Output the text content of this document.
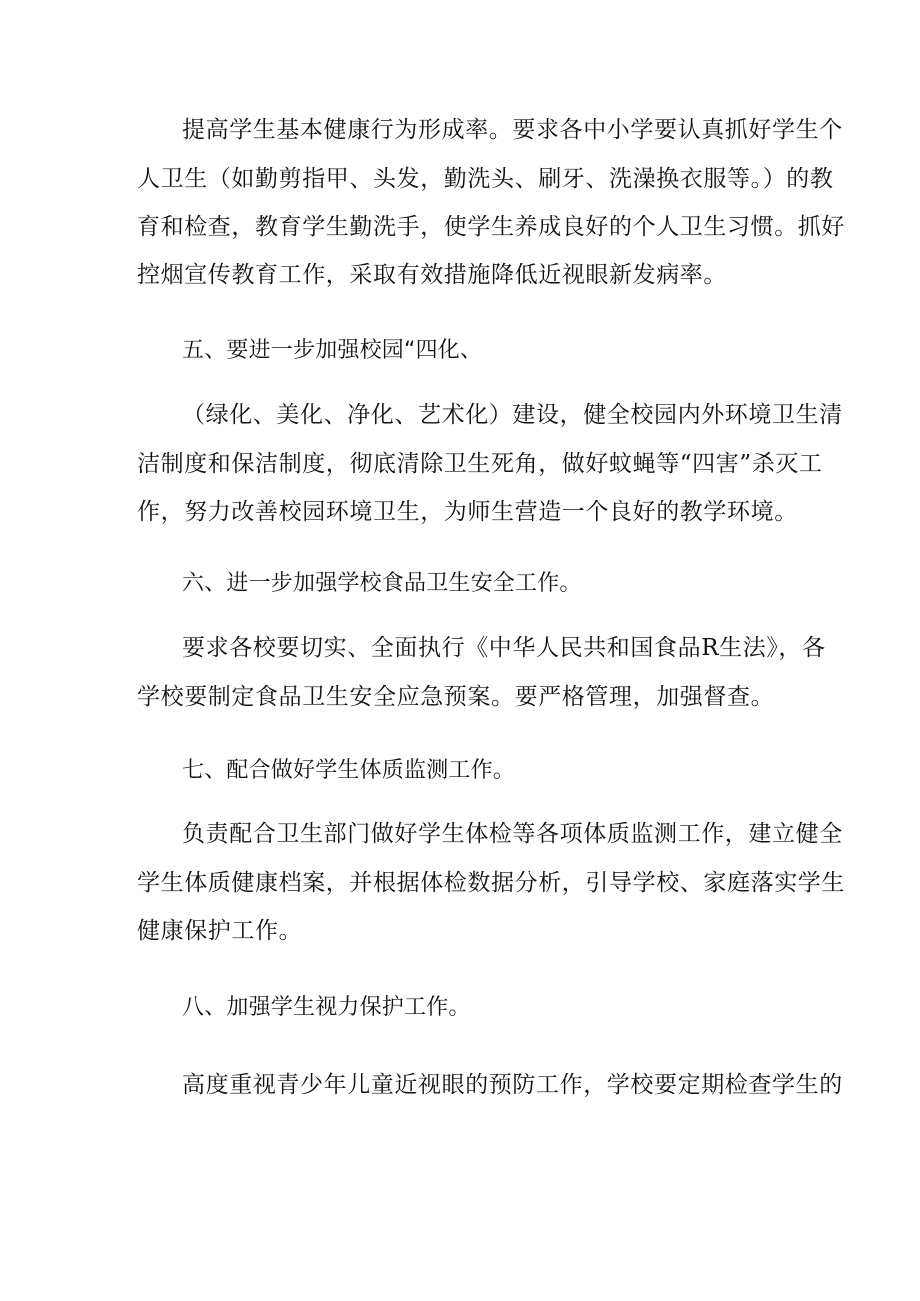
提高学生基本健康行为形成率。要求各中小学要认真抓好学生个
人卫生（如勤剪指甲、头发，勤洗头、刷牙、洗澡换衣服等。）的教
育和检查，教育学生勤洗手，使学生养成良好的个人卫生习惯。抓好
控烟宣传教育工作，采取有效措施降低近视眼新发病率。
五、要进一步加强校园“四化、
（绿化、美化、净化、艺术化）建设，健全校园内外环境卫生清
洁制度和保洁制度，彻底清除卫生死角，做好蚊蝇等“四害”杀灭工
作，努力改善校园环境卫生，为师生营造一个良好的教学环境。
六、进一步加强学校食品卫生安全工作。
要求各校要切实、全面执行《中华人民共和国食品R生法》，各
学校要制定食品卫生安全应急预案。要严格管理，加强督查。
七、配合做好学生体质监测工作。
负责配合卫生部门做好学生体检等各项体质监测工作，建立健全
学生体质健康档案，并根据体检数据分析，引导学校、家庭落实学生
健康保护工作。
八、加强学生视力保护工作。
高度重视青少年儿童近视眼的预防工作，学校要定期检查学生的
